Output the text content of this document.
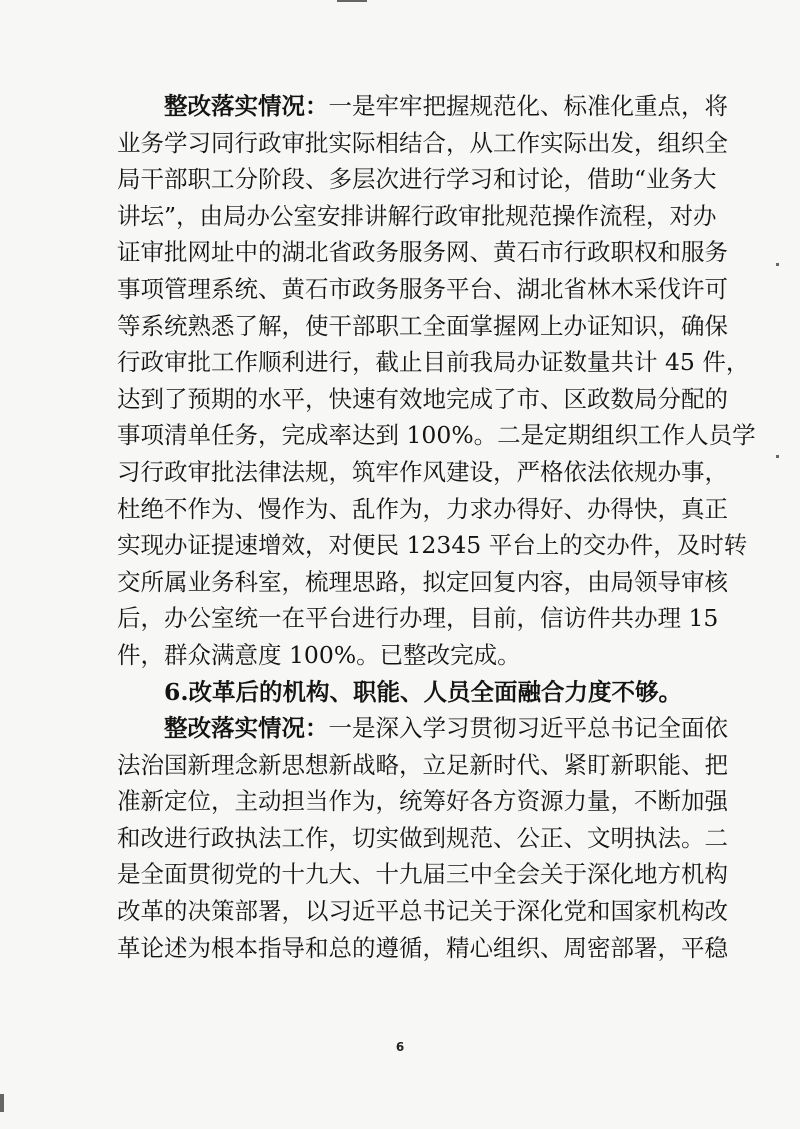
整改落实情况：一是牢牢把握规范化、标准化重点，将
业务学习同行政审批实际相结合，从工作实际出发，组织全
局干部职工分阶段、多层次进行学习和讨论，借助“业务大
讲坛”，由局办公室安排讲解行政审批规范操作流程，对办
证审批网址中的湖北省政务服务网、黄石市行政职权和服务
事项管理系统、黄石市政务服务平台、湖北省林木采伐许可
等系统熟悉了解，使干部职工全面掌握网上办证知识，确保
行政审批工作顺利进行，截止目前我局办证数量共计 45 件，
达到了预期的水平，快速有效地完成了市、区政数局分配的
事项清单任务，完成率达到 100%。二是定期组织工作人员学
习行政审批法律法规，筑牢作风建设，严格依法依规办事，
杜绝不作为、慢作为、乱作为，力求办得好、办得快，真正
实现办证提速增效，对便民 12345 平台上的交办件，及时转
交所属业务科室，梳理思路，拟定回复内容，由局领导审核
后，办公室统一在平台进行办理，目前，信访件共办理 15
件，群众满意度 100%。已整改完成。
6.改革后的机构、职能、人员全面融合力度不够。
整改落实情况：一是深入学习贯彻习近平总书记全面依
法治国新理念新思想新战略，立足新时代、紧盯新职能、把
准新定位，主动担当作为，统筹好各方资源力量，不断加强
和改进行政执法工作，切实做到规范、公正、文明执法。二
是全面贯彻党的十九大、十九届三中全会关于深化地方机构
改革的决策部署，以习近平总书记关于深化党和国家机构改
革论述为根本指导和总的遵循，精心组织、周密部署，平稳
6
